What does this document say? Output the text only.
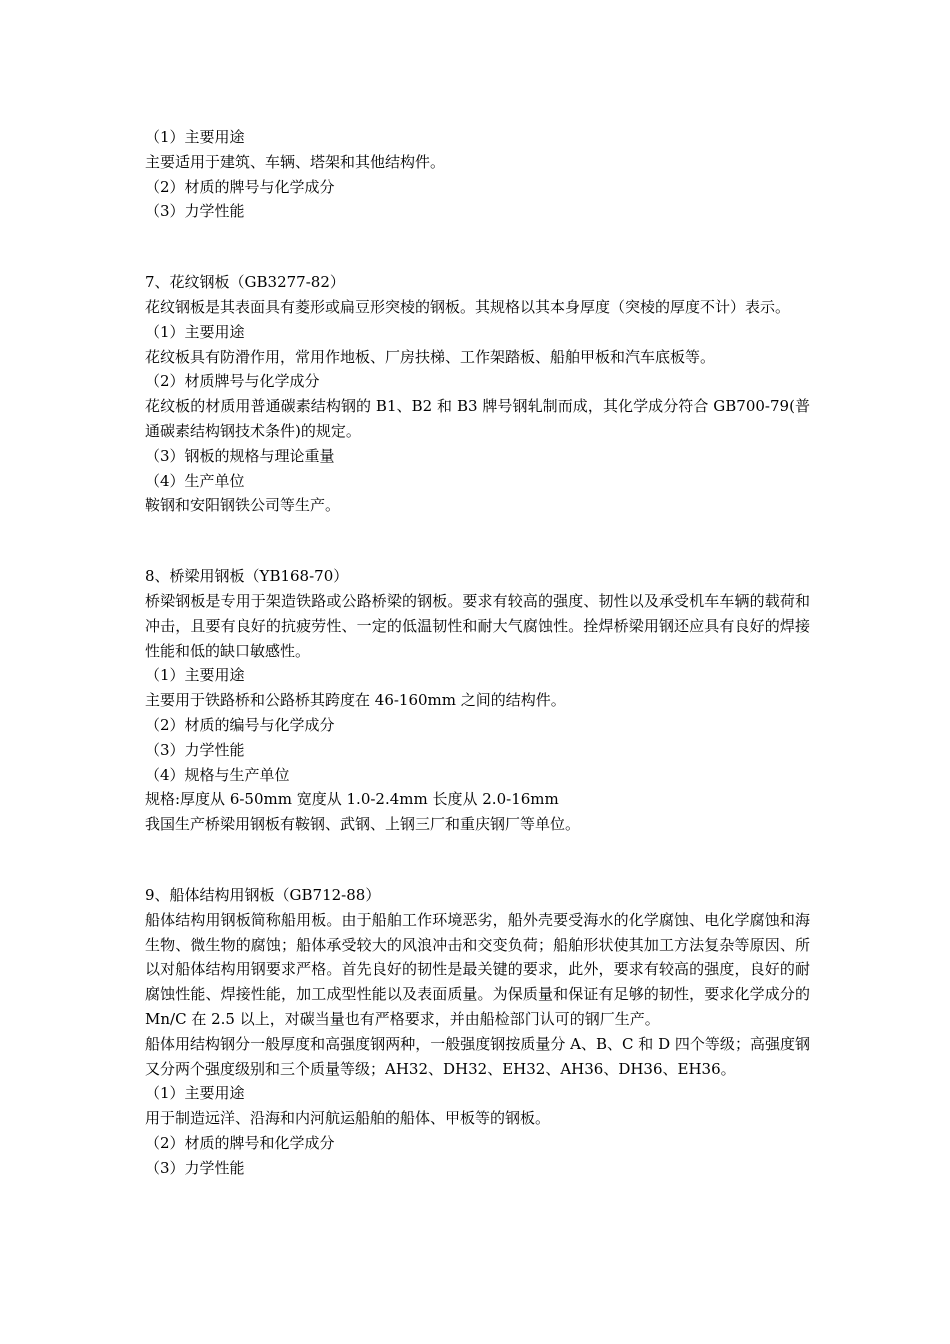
（1）主要用途
主要适用于建筑、车辆、塔架和其他结构件。
（2）材质的牌号与化学成分
（3）力学性能
7、花纹钢板（GB3277-82）
花纹钢板是其表面具有菱形或扁豆形突棱的钢板。其规格以其本身厚度（突棱的厚度不计）表示。
（1）主要用途
花纹板具有防滑作用，常用作地板、厂房扶梯、工作架踏板、船舶甲板和汽车底板等。
（2）材质牌号与化学成分
花纹板的材质用普通碳素结构钢的 B1、B2 和 B3 牌号钢轧制而成，其化学成分符合 GB700-79(普通碳素结构钢技术条件)的规定。
（3）钢板的规格与理论重量
（4）生产单位
鞍钢和安阳钢铁公司等生产。
8、桥梁用钢板（YB168-70）
桥梁钢板是专用于架造铁路或公路桥梁的钢板。要求有较高的强度、韧性以及承受机车车辆的载荷和冲击，且要有良好的抗疲劳性、一定的低温韧性和耐大气腐蚀性。拴焊桥梁用钢还应具有良好的焊接性能和低的缺口敏感性。
（1）主要用途
主要用于铁路桥和公路桥其跨度在 46-160mm 之间的结构件。
（2）材质的编号与化学成分
（3）力学性能
（4）规格与生产单位
规格:厚度从 6-50mm 宽度从 1.0-2.4mm 长度从 2.0-16mm
我国生产桥梁用钢板有鞍钢、武钢、上钢三厂和重庆钢厂等单位。
9、船体结构用钢板（GB712-88）
船体结构用钢板简称船用板。由于船舶工作环境恶劣，船外壳要受海水的化学腐蚀、电化学腐蚀和海生物、微生物的腐蚀；船体承受较大的风浪冲击和交变负荷；船舶形状使其加工方法复杂等原因、所以对船体结构用钢要求严格。首先良好的韧性是最关键的要求，此外，要求有较高的强度，良好的耐腐蚀性能、焊接性能，加工成型性能以及表面质量。为保质量和保证有足够的韧性，要求化学成分的 Mn/C 在 2.5 以上，对碳当量也有严格要求，并由船检部门认可的钢厂生产。
船体用结构钢分一般厚度和高强度钢两种，一般强度钢按质量分 A、B、C 和 D 四个等级；高强度钢又分两个强度级别和三个质量等级；AH32、DH32、EH32、AH36、DH36、EH36。
（1）主要用途
用于制造远洋、沿海和内河航运船舶的船体、甲板等的钢板。
（2）材质的牌号和化学成分
（3）力学性能
